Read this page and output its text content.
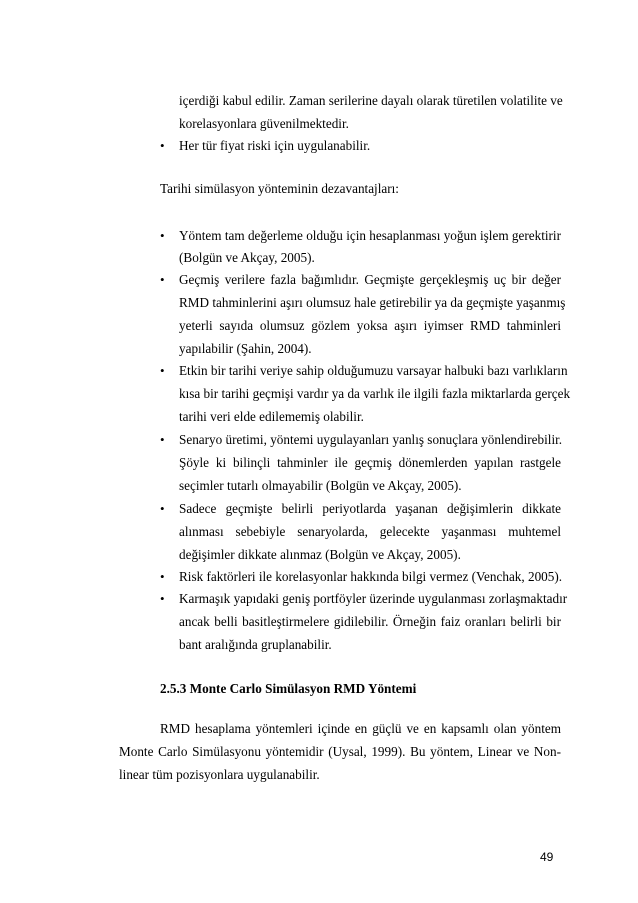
içerdiği kabul edilir. Zaman serilerine dayalı olarak türetilen volatilite ve
korelasyonlara güvenilmektedir.
• Her tür fiyat riski için uygulanabilir.
Tarihi simülasyon yönteminin dezavantajları:
• Yöntem tam değerleme olduğu için hesaplanması yoğun işlem gerektirir
(Bolgün ve Akçay, 2005).
• Geçmiş verilere fazla bağımlıdır. Geçmişte gerçekleşmiş uç bir değer
RMD tahminlerini aşırı olumsuz hale getirebilir ya da geçmişte yaşanmış
yeterli sayıda olumsuz gözlem yoksa aşırı iyimser RMD tahminleri
yapılabilir (Şahin, 2004).
• Etkin bir tarihi veriye sahip olduğumuzu varsayar halbuki bazı varlıkların
kısa bir tarihi geçmişi vardır ya da varlık ile ilgili fazla miktarlarda gerçek
tarihi veri elde edilememiş olabilir.
• Senaryo üretimi, yöntemi uygulayanları yanlış sonuçlara yönlendirebilir.
Şöyle ki bilinçli tahminler ile geçmiş dönemlerden yapılan rastgele
seçimler tutarlı olmayabilir (Bolgün ve Akçay, 2005).
• Sadece geçmişte belirli periyotlarda yaşanan değişimlerin dikkate
alınması sebebiyle senaryolarda, gelecekte yaşanması muhtemel
değişimler dikkate alınmaz (Bolgün ve Akçay, 2005).
• Risk faktörleri ile korelasyonlar hakkında bilgi vermez (Venchak, 2005).
• Karmaşık yapıdaki geniş portföyler üzerinde uygulanması zorlaşmaktadır
ancak belli basitleştirmelere gidilebilir. Örneğin faiz oranları belirli bir
bant aralığında gruplanabilir.
2.5.3 Monte Carlo Simülasyon RMD Yöntemi
RMD hesaplama yöntemleri içinde en güçlü ve en kapsamlı olan yöntem
Monte Carlo Simülasyonu yöntemidir (Uysal, 1999). Bu yöntem, Linear ve Non-
linear tüm pozisyonlara uygulanabilir.
49
